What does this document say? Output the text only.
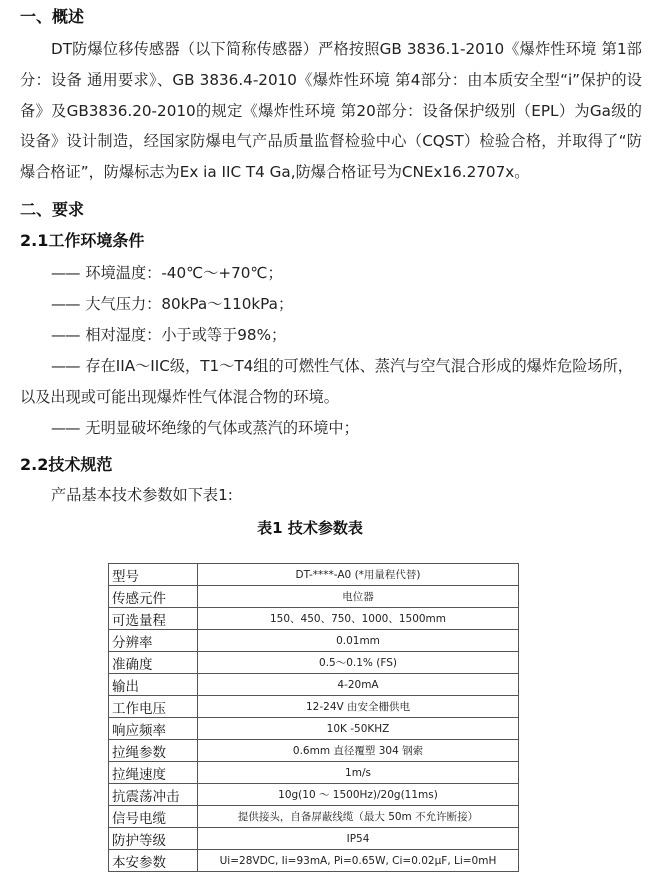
一、概述
DT防爆位移传感器（以下简称传感器）严格按照GB 3836.1-2010《爆炸性环境 第1部分：设备 通用要求》、GB 3836.4-2010《爆炸性环境 第4部分：由本质安全型“i”保护的设备》及GB3836.20-2010的规定《爆炸性环境 第20部分：设备保护级别（EPL）为Ga级的设备》设计制造，经国家防爆电气产品质量监督检验中心（CQST）检验合格，并取得了“防爆合格证”，防爆标志为Ex ia IIC T4 Ga,防爆合格证号为CNEx16.2707x。
二、要求
2.1工作环境条件
—— 环境温度：-40℃～+70℃；
—— 大气压力：80kPa～110kPa；
—— 相对湿度：小于或等于98%；
—— 存在IIA～IIC级，T1～T4组的可燃性气体、蒸汽与空气混合形成的爆炸危险场所，以及出现或可能出现爆炸性气体混合物的环境。
—— 无明显破坏绝缘的气体或蒸汽的环境中；
2.2技术规范
产品基本技术参数如下表1:
表1 技术参数表
型号	DT-****-A0 (*用量程代替)
传感元件	电位器
可选量程	150、450、750、1000、1500mm
分辨率	0.01mm
准确度	0.5～0.1% (FS)
输出	4-20mA
工作电压	12-24V 由安全栅供电
响应频率	10K -50KHZ
拉绳参数	0.6mm 直径覆塑 304 钢索
拉绳速度	1m/s
抗震荡冲击	10g(10 ～ 1500Hz)/20g(11ms)
信号电缆	提供接头，自备屏蔽线缆（最大 50m 不允许断接）
防护等级	IP54
本安参数	Ui=28VDC, Ii=93mA, Pi=0.65W, Ci=0.02μF, Li=0mH
